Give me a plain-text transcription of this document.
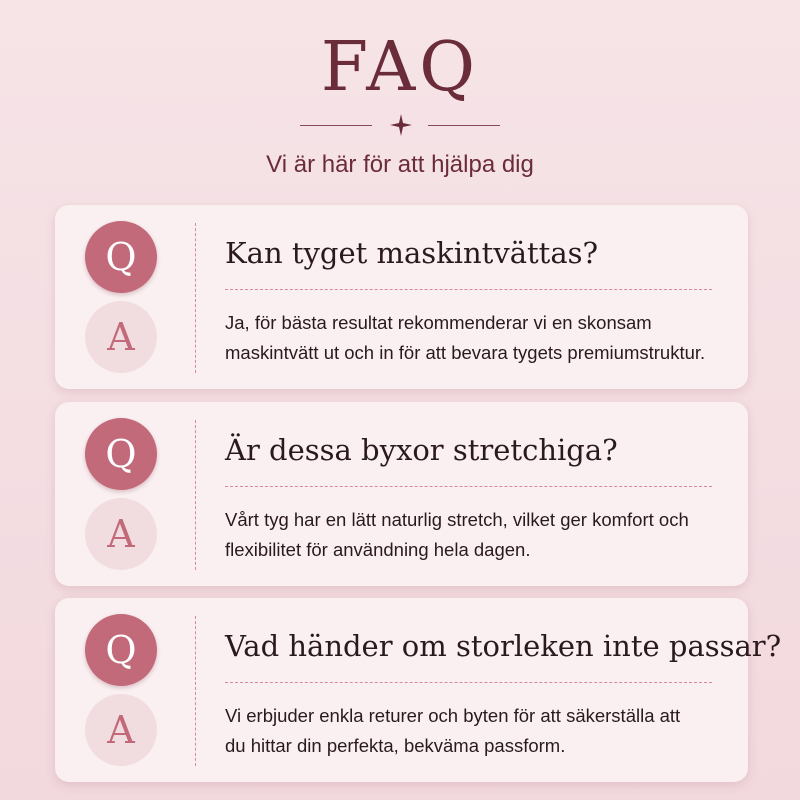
FAQ
Vi är här för att hjälpa dig
Q
A
Kan tyget maskintvättas?
Ja, för bästa resultat rekommenderar vi en skonsam
maskintvätt ut och in för att bevara tygets premiumstruktur.
Q
A
Är dessa byxor stretchiga?
Vårt tyg har en lätt naturlig stretch, vilket ger komfort och
flexibilitet för användning hela dagen.
Q
A
Vad händer om storleken inte passar?
Vi erbjuder enkla returer och byten för att säkerställa att
du hittar din perfekta, bekväma passform.
